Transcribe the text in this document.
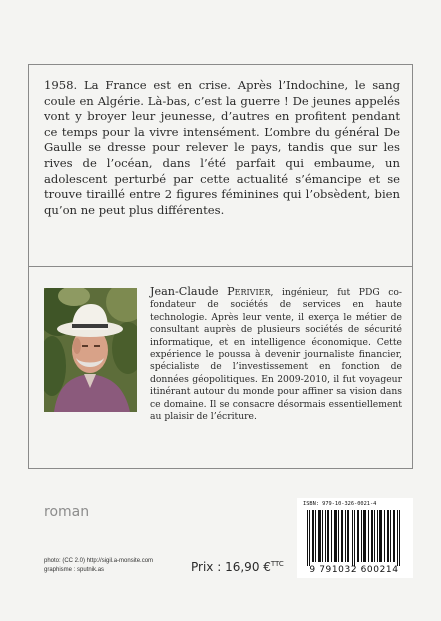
1958. La France est en crise. Après l’Indochine, le sang coule en Algérie. Là-bas, c’est la guerre ! De jeunes appelés vont y broyer leur jeunesse, d’autres en profitent pendant ce temps pour la vivre intensément. L’ombre du général De Gaulle se dresse pour relever le pays, tandis que sur les rives de l’océan, dans l’été parfait qui embaume, un adolescent perturbé par cette actualité s’émancipe et se trouve tiraillé entre 2 figures féminines qui l’obsèdent, bien qu’on ne peut plus différentes.

Jean-Claude Perivier, ingénieur, fut PDG co-fondateur de sociétés de services en haute technologie. Après leur vente, il exerça le métier de consultant auprès de plusieurs sociétés de sécurité informatique, et en intelligence économique. Cette expérience le poussa à devenir journaliste financier, spécialiste de l’investissement en fonction de données géopolitiques. En 2009-2010, il fut voyageur itinérant autour du monde pour affiner sa vision dans ce domaine. Il se consacre désormais essentiellement au plaisir de l’écriture.

roman
photo: (CC 2.0) http://sigil.a-monsite.com
graphisme : sputnik.as	Prix : 16,90 €$^{TTC}$
ISBN: 979-10-326-0021-4
9 791032 600214
